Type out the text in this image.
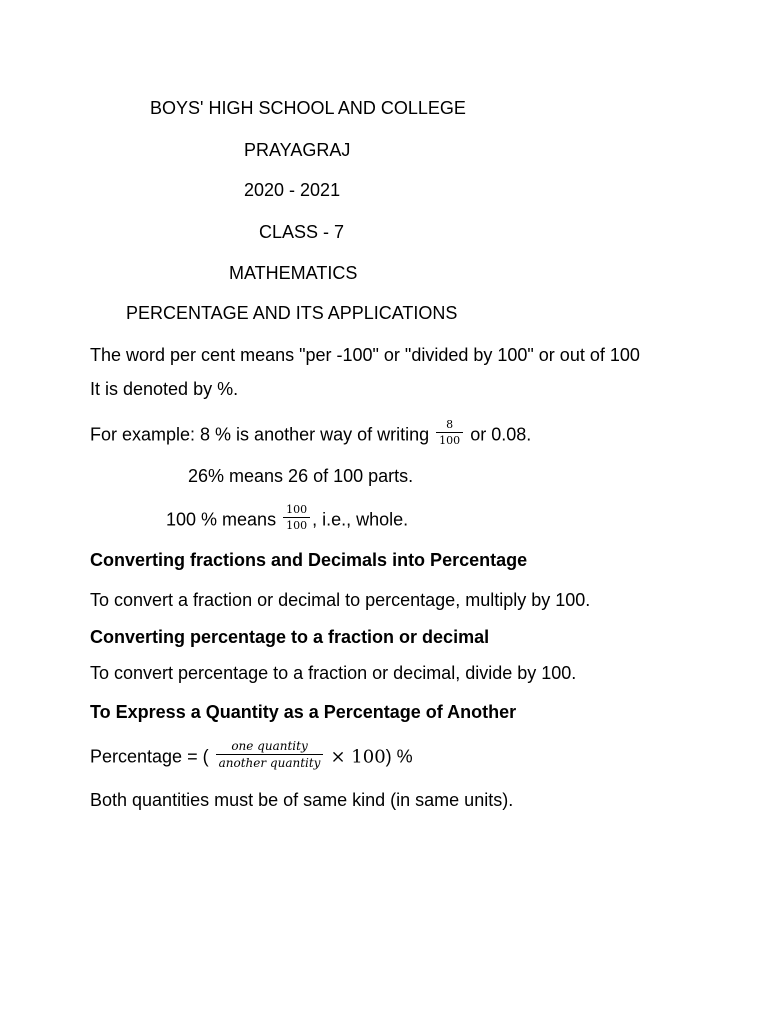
BOYS' HIGH SCHOOL AND COLLEGE
PRAYAGRAJ
2020 - 2021
CLASS - 7
MATHEMATICS
PERCENTAGE AND ITS APPLICATIONS
The word per cent means "per -100" or "divided by 100" or out of 100
It is denoted by %.
For example: 8 % is another way of writing $\frac{8}{100}$ or 0.08.
26% means 26 of 100 parts.
100 % means $\frac{100}{100}$ , i.e., whole.
Converting fractions and Decimals into Percentage
To convert a fraction or decimal to percentage, multiply by 100.
Converting percentage to a fraction or decimal
To convert percentage to a fraction or decimal, divide by 100.
To Express a Quantity as a Percentage of Another
Percentage = ( $\frac{\text{one quantity}}{\text{another quantity}} \times 100$) %
Both quantities must be of same kind (in same units).
